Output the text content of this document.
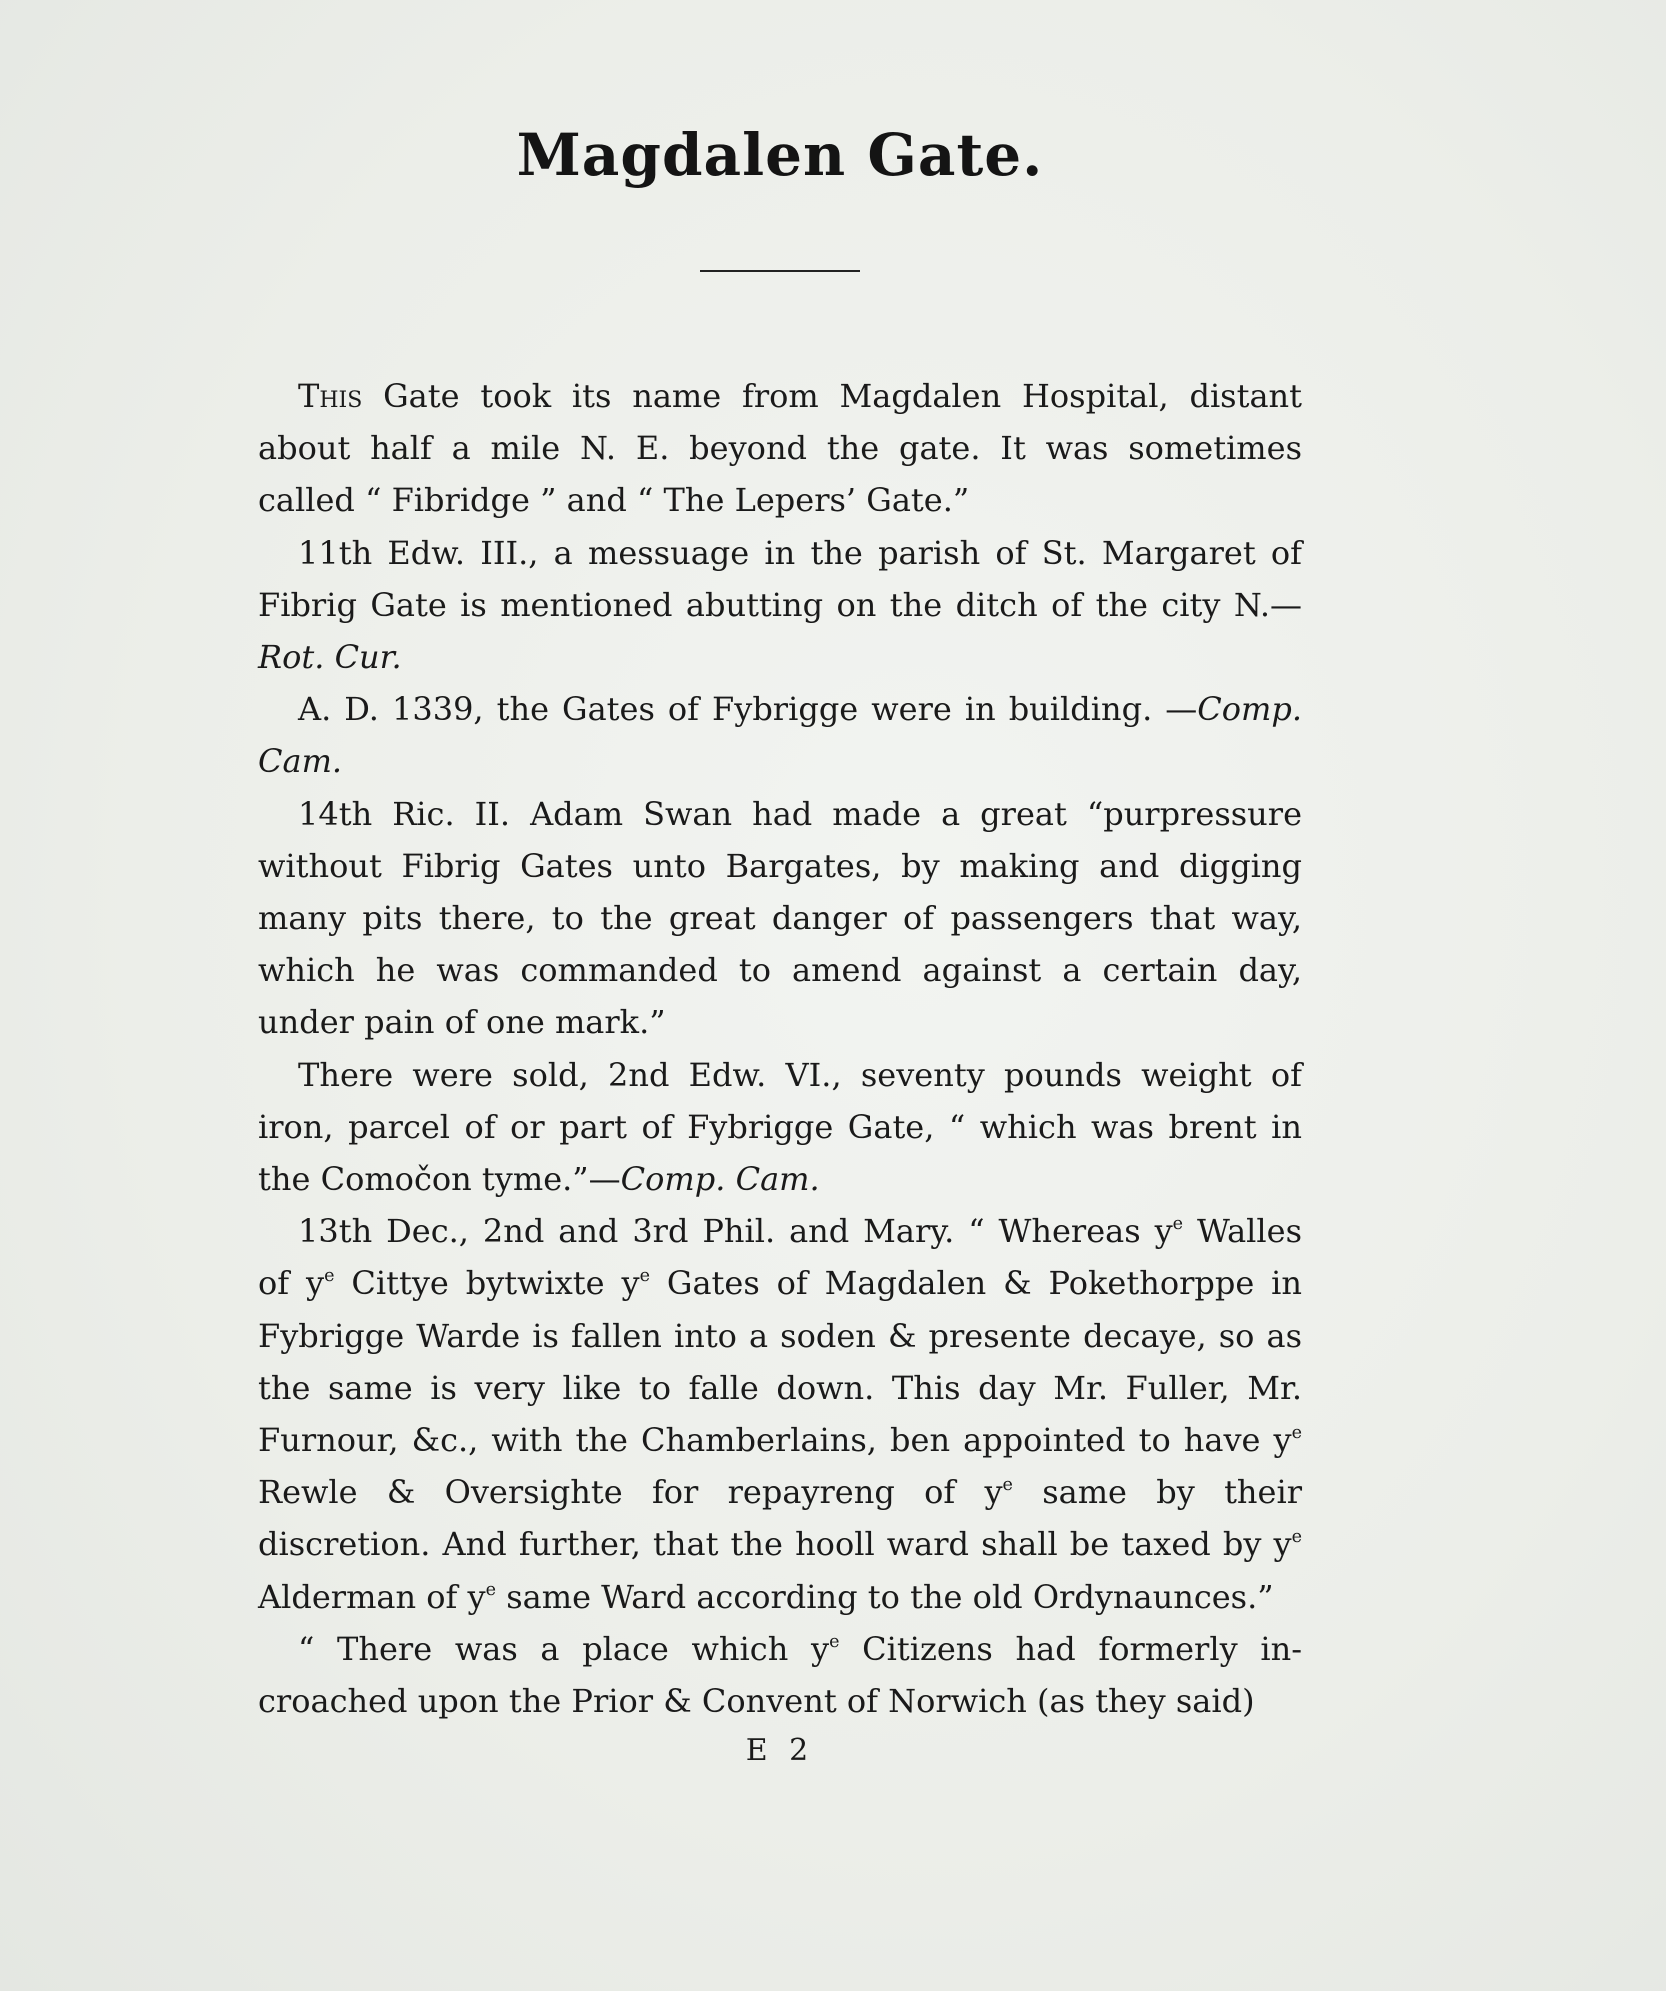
Magdalen Gate.

This Gate took its name from Magdalen Hospital, distant about half a mile N. E. beyond the gate. It was sometimes called “ Fibridge ” and “ The Lepers’ Gate.”

11th Edw. III., a messuage in the parish of St. Margaret of Fibrig Gate is mentioned abutting on the ditch of the city N.—Rot. Cur.

A. D. 1339, the Gates of Fybrigge were in building. —Comp. Cam.

14th Ric. II. Adam Swan had made a great “purpressure without Fibrig Gates unto Bargates, by making and digging many pits there, to the great danger of passengers that way, which he was commanded to amend against a certain day, under pain of one mark.”

There were sold, 2nd Edw. VI., seventy pounds weight of iron, parcel of or part of Fybrigge Gate, “ which was brent in the Comočon tyme.”—Comp. Cam.

13th Dec., 2nd and 3rd Phil. and Mary. “ Whereas $y^e$ Walles of $y^e$ Cittye bytwixte $y^e$ Gates of Magdalen & Pokethorppe in Fybrigge Warde is fallen into a soden & presente decaye, so as the same is very like to falle down. This day Mr. Fuller, Mr. Furnour, &c., with the Chamberlains, ben appointed to have $y^e$ Rewle & Oversighte for repayreng of $y^e$ same by their discretion. And further, that the hooll ward shall be taxed by $y^e$ Alderman of $y^e$ same Ward according to the old Ordynaunces.”

“ There was a place which $y^e$ Citizens had formerly incroached upon the Prior & Convent of Norwich (as they said)

E 2
